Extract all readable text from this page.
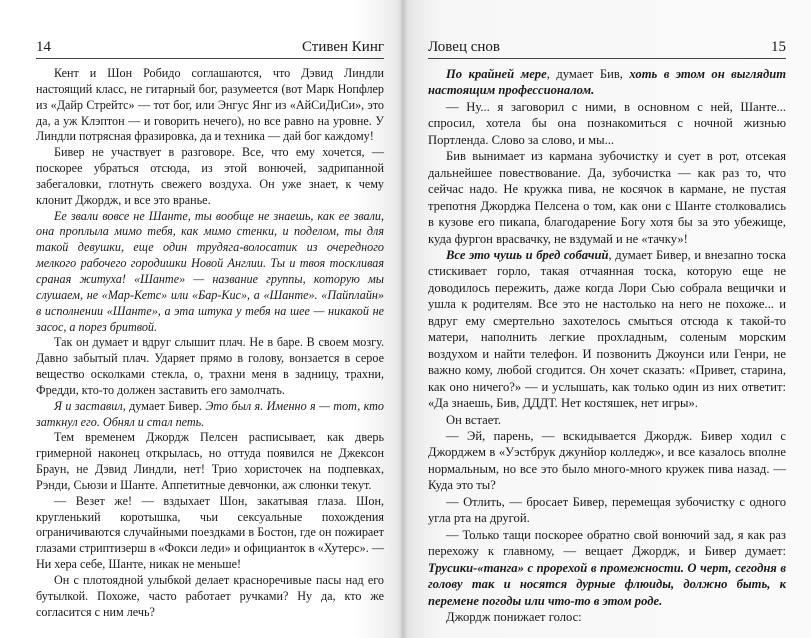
14	Стивен Кинг

Кент и Шон Робидо соглашаются, что Дэвид Линдли настоящий класс, не гитарный бог, разумеется (вот Марк Нопфлер из «Дайр Стрейтс» — тот бог, или Энгус Янг из «АйСиДиСи», это да, а уж Клэптон — и говорить нечего), но все равно на уровне. У Линдли потрясная фразировка, да и техника — дай бог каждому!

Бивер не участвует в разговоре. Все, что ему хочется, — поскорее убраться отсюда, из этой вонючей, задрипанной забегаловки, глотнуть свежего воздуха. Он уже знает, к чему клонит Джордж, и все это вранье.

Ее звали вовсе не Шанте, ты вообще не знаешь, как ее звали, она проплыла мимо тебя, как мимо стенки, и поделом, ты для такой девушки, еще один трудяга-волосатик из очередного мелкого рабочего городишки Новой Англии. Ты и твоя тоскливая сраная житуха! «Шанте» — название группы, которую мы слушаем, не «Мар-Кетс» или «Бар-Кис», а «Шанте». «Пайплайн» в исполнении «Шанте», а эта штука у тебя на шее — никакой не засос, а порез бритвой.

Так он думает и вдруг слышит плач. Не в баре. В своем мозгу. Давно забытый плач. Ударяет прямо в голову, вонзается в серое вещество осколками стекла, о, трахни меня в задницу, трахни, Фредди, кто-то должен заставить его замолчать.

Я и заставил, думает Бивер. Это был я. Именно я — тот, кто заткнул его. Обнял и стал петь.

Тем временем Джордж Пелсен расписывает, как дверь гримерной наконец открылась, но оттуда появился не Джексон Браун, не Дэвид Линдли, нет! Трио хористочек на подпевках, Рэнди, Сьюзи и Шанте. Аппетитные девчонки, аж слюнки текут.

— Везет же! — вздыхает Шон, закатывая глаза. Шон, кругленький коротышка, чьи сексуальные похождения ограничиваются случайными поездками в Бостон, где он пожирает глазами стриптизерш в «Фокси леди» и официанток в «Хутерс». — Ни хера себе, Шанте, никак не меньше!

Он с плотоядной улыбкой делает красноречивые пасы над его бутылкой. Похоже, часто работает ручками? Ну да, кто же согласится с ним лечь?

Ловец снов	15

По крайней мере, думает Бив, хоть в этом он выглядит настоящим профессионалом.

— Ну... я заговорил с ними, в основном с ней, Шанте... спросил, хотела бы она познакомиться с ночной жизнью Портленда. Слово за слово, и мы...

Бив вынимает из кармана зубочистку и сует в рот, отсекая дальнейшее повествование. Да, зубочистка — как раз то, что сейчас надо. Не кружка пива, не косячок в кармане, не пустая трепотня Джорджа Пелсена о том, как они с Шанте столковались в кузове его пикапа, благодарение Богу хотя бы за это убежище, куда фургон врасвачку, не вздумай и не «тачку»!

Все это чушь и бред собачий, думает Бивер, и внезапно тоска стискивает горло, такая отчаянная тоска, которую еще не доводилось пережить, даже когда Лори Сью собрала вещички и ушла к родителям. Все это не настолько на него не похоже... и вдруг ему смертельно захотелось смыться отсюда к такой-то матери, наполнить легкие прохладным, соленым морским воздухом и найти телефон. И позвонить Джоунси или Генри, не важно кому, любой сгодится. Он хочет сказать: «Привет, старина, как оно ничего?» — и услышать, как только один из них ответит: «Да знаешь, Бив, ДДДТ. Нет костяшек, нет игры».

Он встает.

— Эй, парень, — вскидывается Джордж. Бивер ходил с Джорджем в «Уэстбрук джунйор колледж», и все казалось вполне нормальным, но все это было много-много кружек пива назад. — Куда это ты?

— Отлить, — бросает Бивер, перемещая зубочистку с одного угла рта на другой.

— Только тащи поскорее обратно свой вонючий зад, я как раз перехожу к главному, — вещает Джордж, и Бивер думает: Трусики-«танга» с прорехой в промежности. О черт, сегодня в голову так и носятся дурные флюиды, должно быть, к перемене погоды или что-то в этом роде.

Джордж понижает голос:
